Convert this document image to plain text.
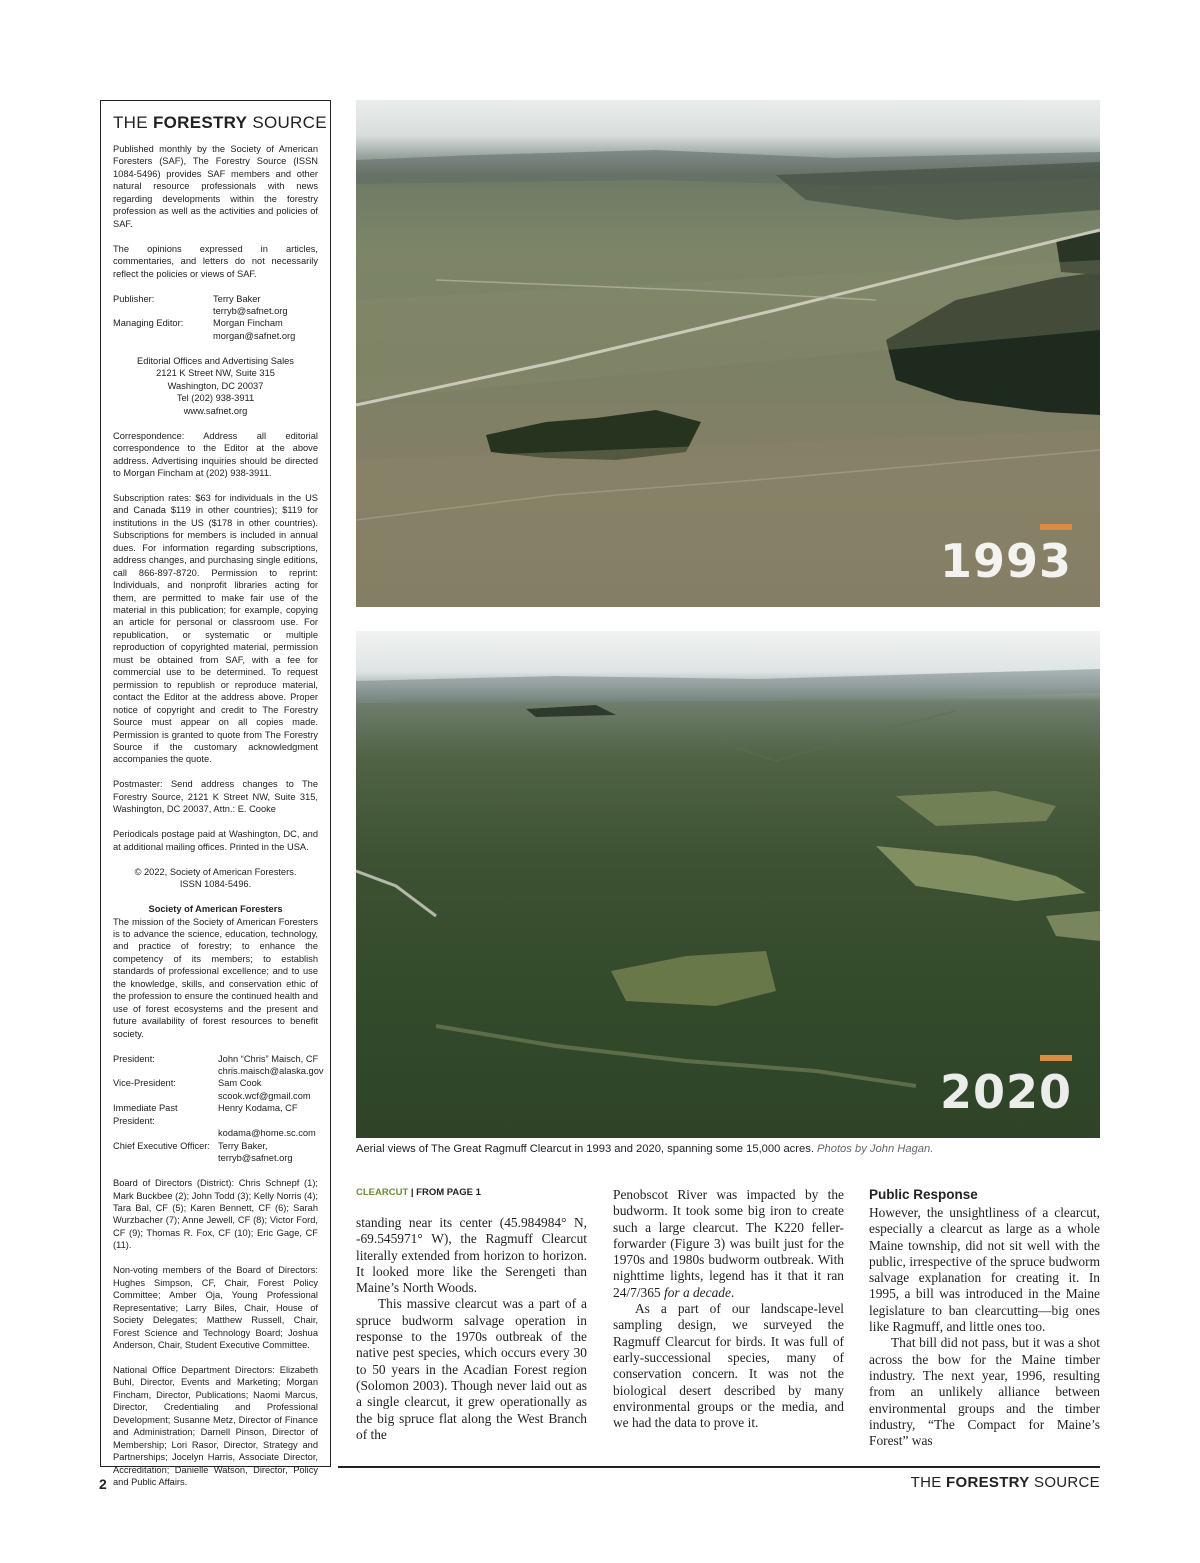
THE FORESTRY SOURCE

Published monthly by the Society of American Foresters (SAF), The Forestry Source (ISSN 1084-5496) provides SAF members and other natural resource professionals with news regarding developments within the forestry profession as well as the activities and policies of SAF.

The opinions expressed in articles, commentaries, and letters do not necessarily reflect the policies or views of SAF.

Publisher:	Terry Baker
terryb@safnet.org
Managing Editor:	Morgan Fincham
morgan@safnet.org
Editorial Offices and Advertising Sales
2121 K Street NW, Suite 315
Washington, DC 20037
Tel (202) 938-3911
www.safnet.org

Correspondence: Address all editorial correspondence to the Editor at the above address. Advertising inquiries should be directed to Morgan Fincham at (202) 938-3911.

Subscription rates: $63 for individuals in the US and Canada $119 in other countries); $119 for institutions in the US ($178 in other countries). Subscriptions for members is included in annual dues. For information regarding subscriptions, address changes, and purchasing single editions, call 866-897-8720. Permission to reprint: Individuals, and nonprofit libraries acting for them, are permitted to make fair use of the material in this publication; for example, copying an article for personal or classroom use. For republication, or systematic or multiple reproduction of copyrighted material, permission must be obtained from SAF, with a fee for commercial use to be determined. To request permission to republish or reproduce material, contact the Editor at the address above. Proper notice of copyright and credit to The Forestry Source must appear on all copies made. Permission is granted to quote from The Forestry Source if the customary acknowledgment accompanies the quote.

Postmaster: Send address changes to The Forestry Source, 2121 K Street NW, Suite 315, Washington, DC 20037, Attn.: E. Cooke

Periodicals postage paid at Washington, DC, and at additional mailing offices. Printed in the USA.

© 2022, Society of American Foresters.
ISSN 1084-5496.
Society of American Foresters

The mission of the Society of American Foresters is to advance the science, education, technology, and practice of forestry; to enhance the competency of its members; to establish standards of professional excellence; and to use the knowledge, skills, and conservation ethic of the profession to ensure the continued health and use of forest ecosystems and the present and future availability of forest resources to benefit society.

President:	John “Chris” Maisch, CF
chris.maisch@alaska.gov
Vice-President:	Sam Cook
scook.wcf@gmail.com
Immediate Past President:
Henry Kodama, CF
kodama@home.sc.com
Chief Executive Officer: Terry Baker,
terryb@safnet.org

Board of Directors (District): Chris Schnepf (1); Mark Buckbee (2); John Todd (3); Kelly Norris (4); Tara Bal, CF (5); Karen Bennett, CF (6); Sarah Wurzbacher (7); Anne Jewell, CF (8); Victor Ford, CF (9); Thomas R. Fox, CF (10); Eric Gage, CF (11).

Non-voting members of the Board of Directors: Hughes Simpson, CF, Chair, Forest Policy Committee; Amber Oja, Young Professional Representative; Larry Biles, Chair, House of Society Delegates; Matthew Russell, Chair, Forest Science and Technology Board; Joshua Anderson, Chair, Student Executive Committee.

National Office Department Directors: Elizabeth Buhl, Director, Events and Marketing; Morgan Fincham, Director, Publications; Naomi Marcus, Director, Credentialing and Professional Development; Susanne Metz, Director of Finance and Administration; Darnell Pinson, Director of Membership; Lori Rasor, Director, Strategy and Partnerships; Jocelyn Harris, Associate Director, Accreditation; Danielle Watson, Director, Policy and Public Affairs.

1993
2020
Aerial views of The Great Ragmuff Clearcut in 1993 and 2020, spanning some 15,000 acres. Photos by John Hagan.
CLEARCUT | FROM PAGE 1

standing near its center (45.984984° N, -69.545971° W), the Ragmuff Clearcut literally extended from horizon to horizon. It looked more like the Serengeti than Maine’s North Woods.

This massive clearcut was a part of a spruce budworm salvage operation in response to the 1970s outbreak of the native pest species, which occurs every 30 to 50 years in the Acadian Forest region (Solomon 2003). Though never laid out as a single clearcut, it grew operationally as the big spruce flat along the West Branch of the

Penobscot River was impacted by the budworm. It took some big iron to create such a large clearcut. The K220 feller-forwarder (Figure 3) was built just for the 1970s and 1980s budworm outbreak. With nighttime lights, legend has it that it ran 24/7/365 for a decade.

As a part of our landscape-level sampling design, we surveyed the Ragmuff Clearcut for birds. It was full of early-successional species, many of conservation concern. It was not the biological desert described by many environmental groups or the media, and we had the data to prove it.

Public Response

However, the unsightliness of a clearcut, especially a clearcut as large as a whole Maine township, did not sit well with the public, irrespective of the spruce budworm salvage explanation for creating it. In 1995, a bill was introduced in the Maine legislature to ban clearcutting—big ones like Ragmuff, and little ones too.

That bill did not pass, but it was a shot across the bow for the Maine timber industry. The next year, 1996, resulting from an unlikely alliance between environmental groups and the timber industry, “The Compact for Maine’s Forest” was

2	THE FORESTRY SOURCE
